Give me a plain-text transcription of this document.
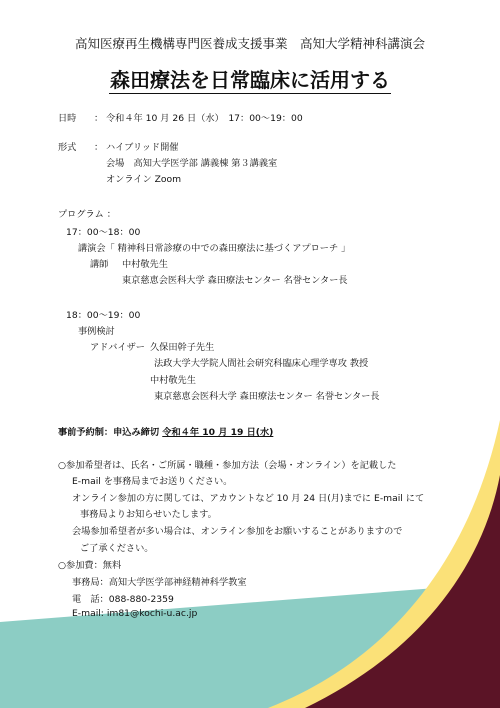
高知医療再生機構専門医養成支援事業　高知大学精神科講演会
森田療法を日常臨床に活用する
日時 ： 令和４年 10 月 26 日（水）　17：00～19：00
形式 ： ハイブリッド開催
会場　高知大学医学部 講義棟 第３講義室
オンライン Zoom
プログラム ：
17：00～18：00
講演会「 精神科日常診療の中での森田療法に基づくアプローチ 」
講師 中村敬先生
東京慈恵会医科大学 森田療法センター 名誉センター長
18：00～19：00
事例検討
アドバイザー 久保田幹子先生
法政大学大学院人間社会研究科臨床心理学専攻 教授
中村敬先生
東京慈恵会医科大学 森田療法センター 名誉センター長
事前予約制：申込み締切 令和４年 10 月 19 日(水)
○参加希望者は、氏名・ご所属・職種・参加方法（会場・オンライン）を記載した
E-mail を事務局までお送りください。
オンライン参加の方に関しては、アカウントなど 10 月 24 日(月)までに E-mail にて
事務局よりお知らせいたします。
会場参加希望者が多い場合は、オンライン参加をお願いすることがありますので
ご了承ください。
○参加費：無料
事務局：高知大学医学部神経精神科学教室
電　話：088-880-2359
E-mail: im81@kochi-u.ac.jp
